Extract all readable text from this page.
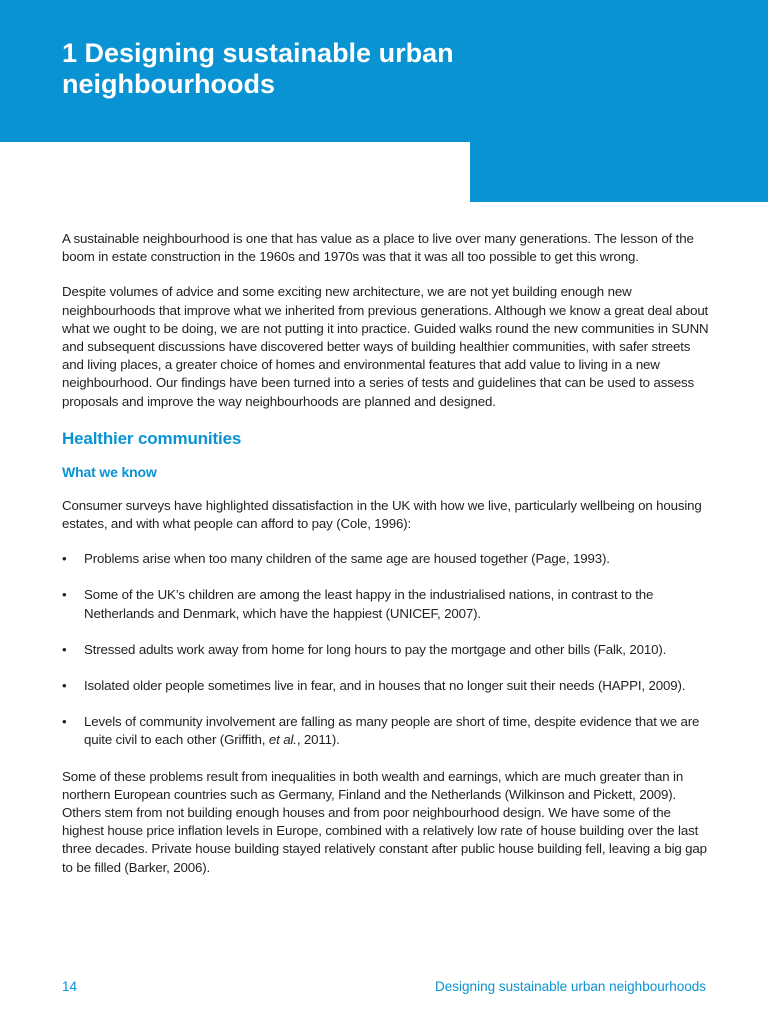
1 Designing sustainable urban neighbourhoods

A sustainable neighbourhood is one that has value as a place to live over many generations. The lesson of the boom in estate construction in the 1960s and 1970s was that it was all too possible to get this wrong.

Despite volumes of advice and some exciting new architecture, we are not yet building enough new neighbourhoods that improve what we inherited from previous generations. Although we know a great deal about what we ought to be doing, we are not putting it into practice. Guided walks round the new communities in SUNN and subsequent discussions have discovered better ways of building healthier communities, with safer streets and living places, a greater choice of homes and environmental features that add value to living in a new neighbourhood. Our findings have been turned into a series of tests and guidelines that can be used to assess proposals and improve the way neighbourhoods are planned and designed.

Healthier communities
What we know

Consumer surveys have highlighted dissatisfaction in the UK with how we live, particularly wellbeing on housing estates, and with what people can afford to pay (Cole, 1996):

• Problems arise when too many children of the same age are housed together (Page, 1993).
• Some of the UK’s children are among the least happy in the industrialised nations, in contrast to the Netherlands and Denmark, which have the happiest (UNICEF, 2007).
• Stressed adults work away from home for long hours to pay the mortgage and other bills (Falk, 2010).
• Isolated older people sometimes live in fear, and in houses that no longer suit their needs (HAPPI, 2009).
• Levels of community involvement are falling as many people are short of time, despite evidence that we are quite civil to each other (Griffith, et al., 2011).

Some of these problems result from inequalities in both wealth and earnings, which are much greater than in northern European countries such as Germany, Finland and the Netherlands (Wilkinson and Pickett, 2009). Others stem from not building enough houses and from poor neighbourhood design. We have some of the highest house price inflation levels in Europe, combined with a relatively low rate of house building over the last three decades. Private house building stayed relatively constant after public house building fell, leaving a big gap to be filled (Barker, 2006).

14	Designing sustainable urban neighbourhoods
